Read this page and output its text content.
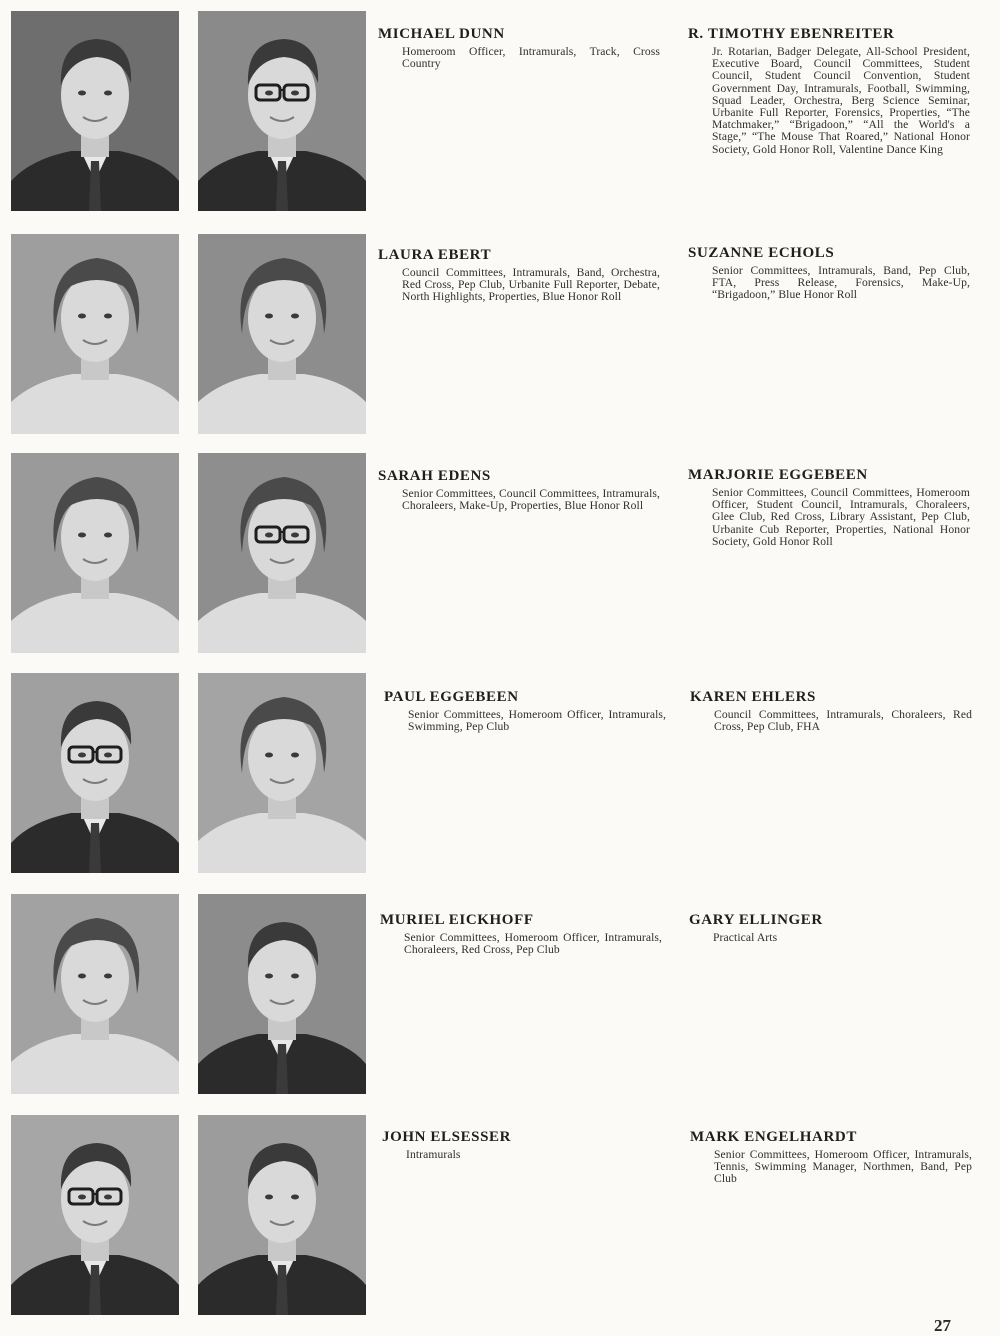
MICHAEL DUNN
Homeroom Officer, Intramurals, Track, Cross Country
R. TIMOTHY EBENREITER
Jr. Rotarian, Badger Delegate, All-School President, Executive Board, Council Committees, Student Council, Student Council Convention, Student Government Day, Intramurals, Football, Swimming, Squad Leader, Orchestra, Berg Science Seminar, Urbanite Full Reporter, Forensics, Properties, “The Matchmaker,” “Brigadoon,” “All the World's a Stage,” “The Mouse That Roared,” National Honor Society, Gold Honor Roll, Valentine Dance King
LAURA EBERT
Council Committees, Intramurals, Band, Orchestra, Red Cross, Pep Club, Urbanite Full Reporter, Debate, North Highlights, Properties, Blue Honor Roll
SUZANNE ECHOLS
Senior Committees, Intramurals, Band, Pep Club, FTA, Press Release, Forensics, Make-Up, “Brigadoon,” Blue Honor Roll
SARAH EDENS
Senior Committees, Council Committees, Intramurals, Choraleers, Make-Up, Properties, Blue Honor Roll
MARJORIE EGGEBEEN
Senior Committees, Council Committees, Homeroom Officer, Student Council, Intramurals, Choraleers, Glee Club, Red Cross, Library Assistant, Pep Club, Urbanite Cub Reporter, Properties, National Honor Society, Gold Honor Roll
PAUL EGGEBEEN
Senior Committees, Homeroom Officer, Intramurals, Swimming, Pep Club
KAREN EHLERS
Council Committees, Intramurals, Choraleers, Red Cross, Pep Club, FHA
MURIEL EICKHOFF
Senior Committees, Homeroom Officer, Intramurals, Choraleers, Red Cross, Pep Club
GARY ELLINGER
Practical Arts
JOHN ELSESSER
Intramurals
MARK ENGELHARDT
Senior Committees, Homeroom Officer, Intramurals, Tennis, Swimming Manager, Northmen, Band, Pep Club
27
